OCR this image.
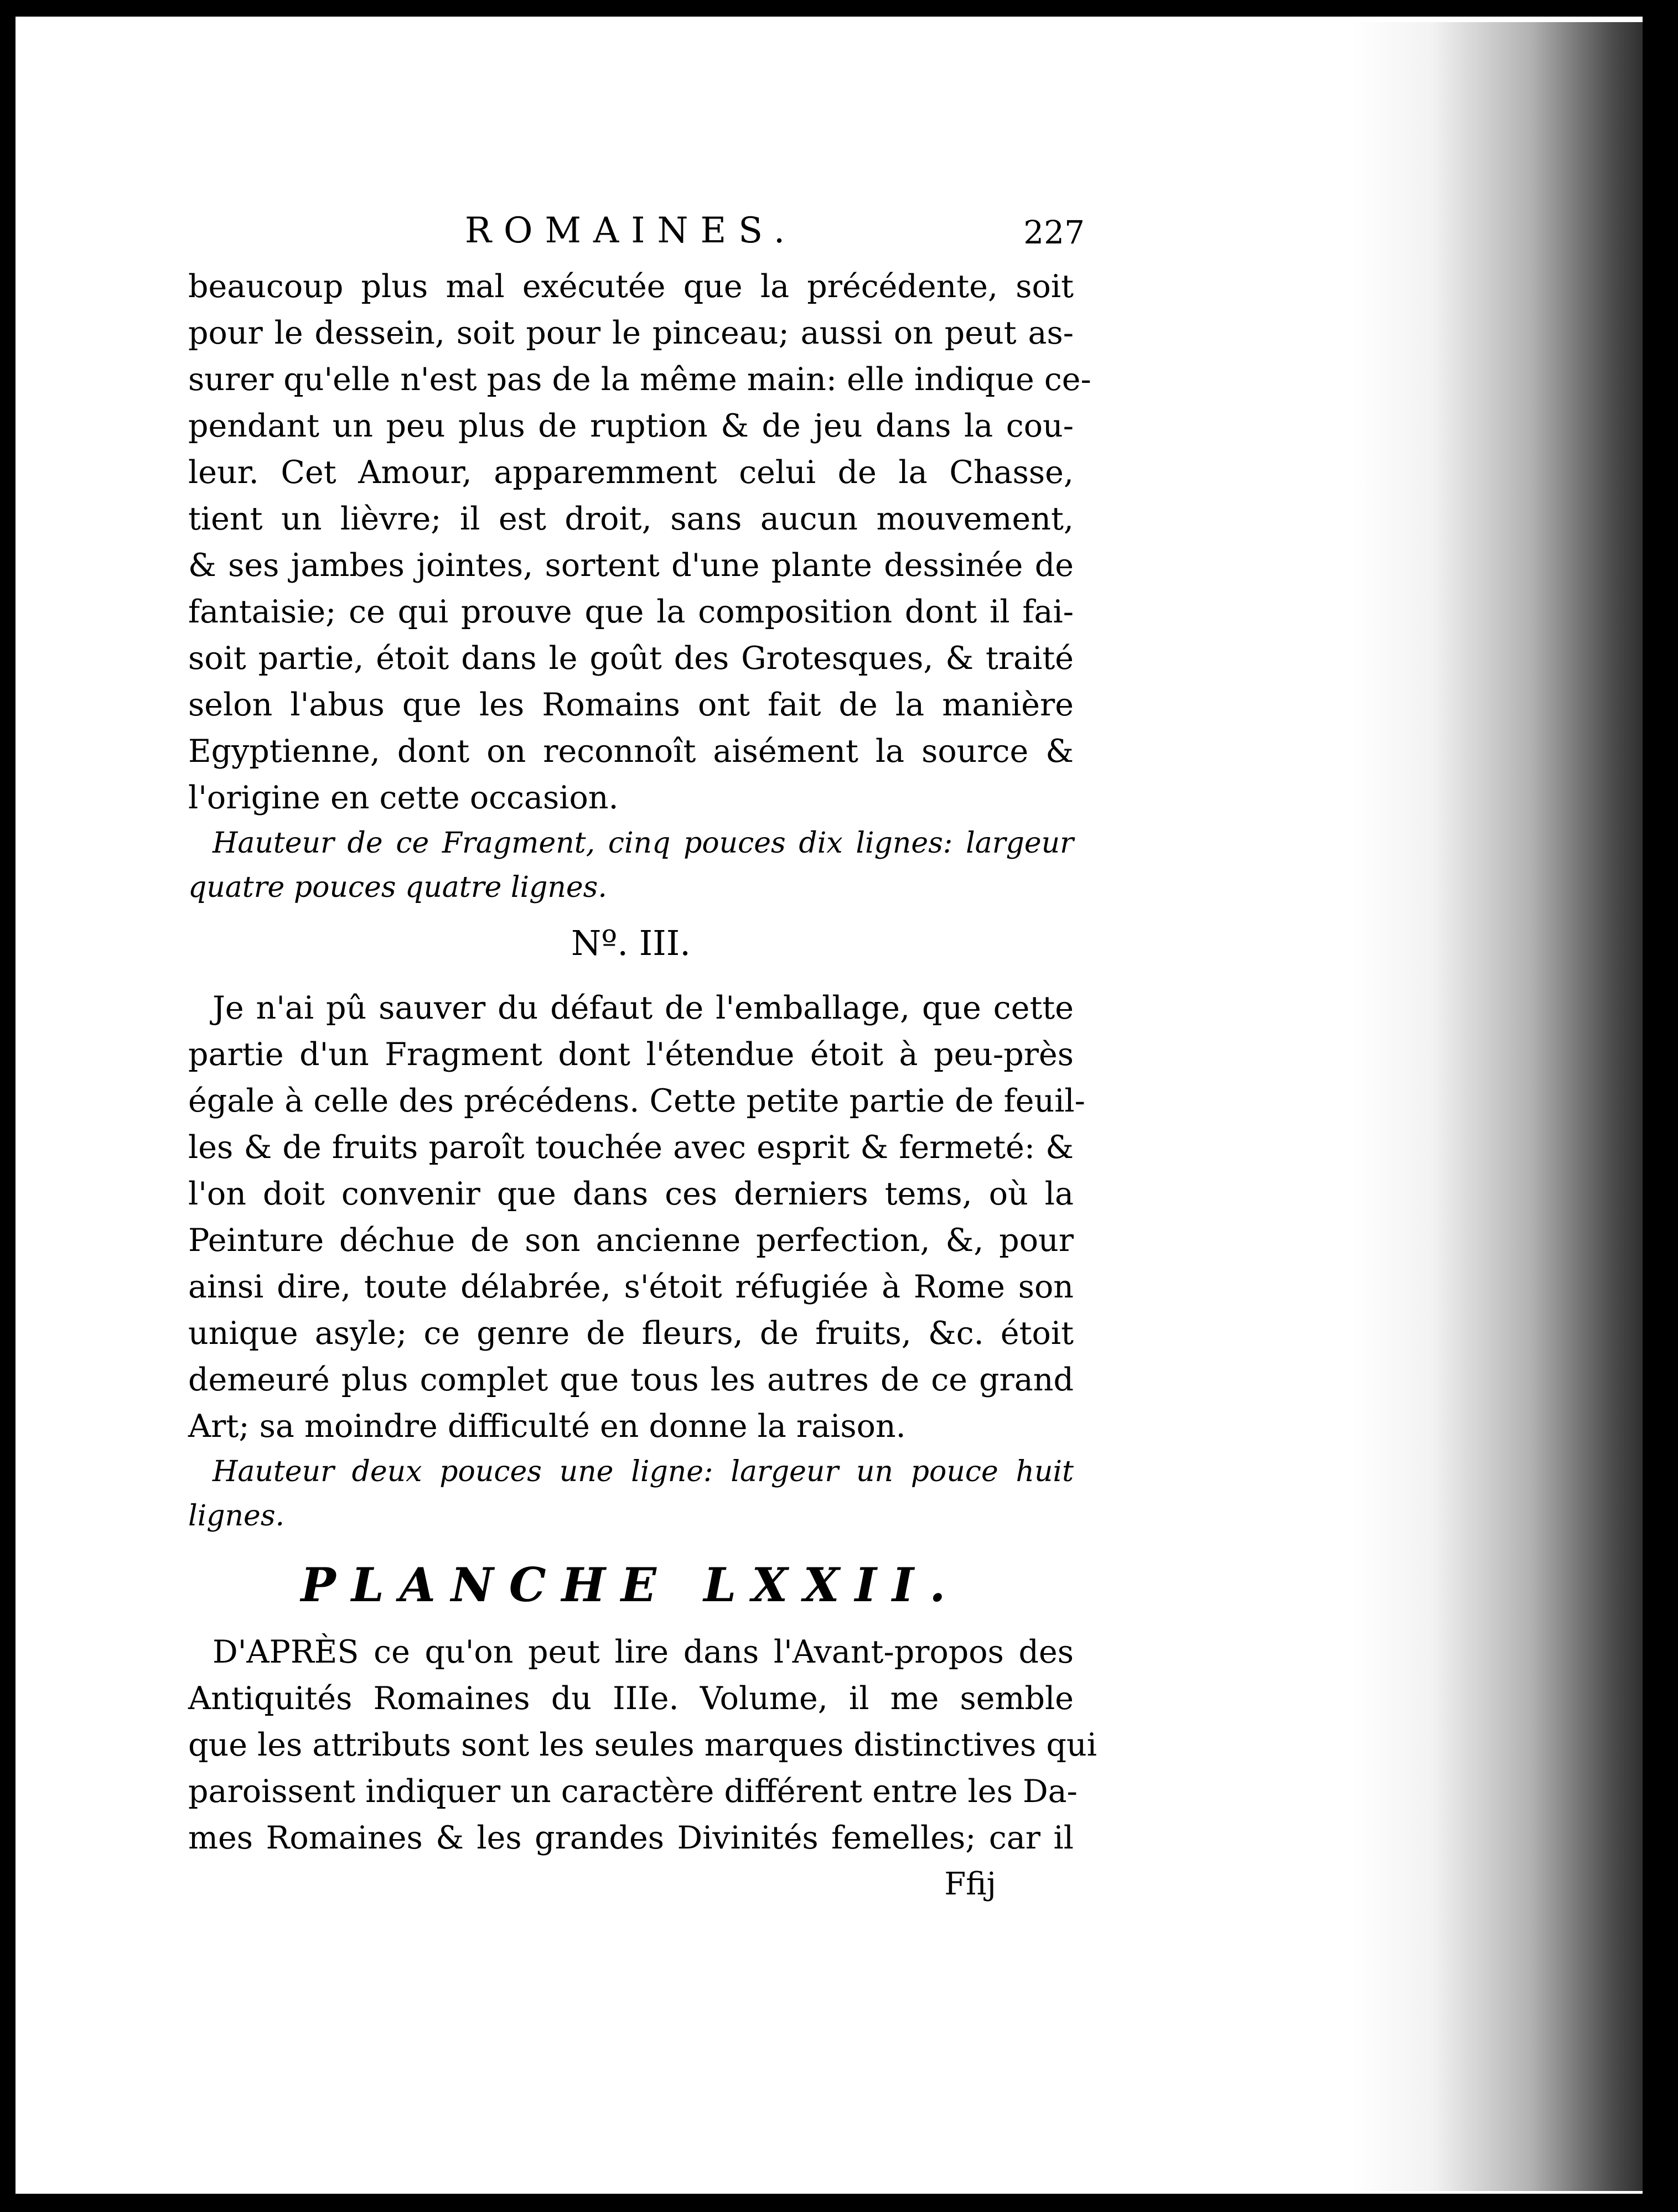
ROMAINES.	227
beaucoup plus mal exécutée que la précédente, soit
pour le dessein, soit pour le pinceau; aussi on peut as-
surer qu'elle n'est pas de la même main: elle indique ce-
pendant un peu plus de ruption & de jeu dans la cou-
leur. Cet Amour, apparemment celui de la Chasse,
tient un lièvre; il est droit, sans aucun mouvement,
& ses jambes jointes, sortent d'une plante dessinée de
fantaisie; ce qui prouve que la composition dont il fai-
soit partie, étoit dans le goût des Grotesques, & traité
selon l'abus que les Romains ont fait de la manière
Egyptienne, dont on reconnoît aisément la source &
l'origine en cette occasion.
Hauteur de ce Fragment, cinq pouces dix lignes: largeur
quatre pouces quatre lignes.
Nº. III.
Je n'ai pû sauver du défaut de l'emballage, que cette
partie d'un Fragment dont l'étendue étoit à peu-près
égale à celle des précédens. Cette petite partie de feuil-
les & de fruits paroît touchée avec esprit & fermeté: &
l'on doit convenir que dans ces derniers tems, où la
Peinture déchue de son ancienne perfection, &, pour
ainsi dire, toute délabrée, s'étoit réfugiée à Rome son
unique asyle; ce genre de fleurs, de fruits, &c. étoit
demeuré plus complet que tous les autres de ce grand
Art; sa moindre difficulté en donne la raison.
Hauteur deux pouces une ligne: largeur un pouce huit
lignes.
PLANCHE LXXII.
D'APRÈS ce qu'on peut lire dans l'Avant-propos des
Antiquités Romaines du IIIe. Volume, il me semble
que les attributs sont les seules marques distinctives qui
paroissent indiquer un caractère différent entre les Da-
mes Romaines & les grandes Divinités femelles; car il
Ffij
